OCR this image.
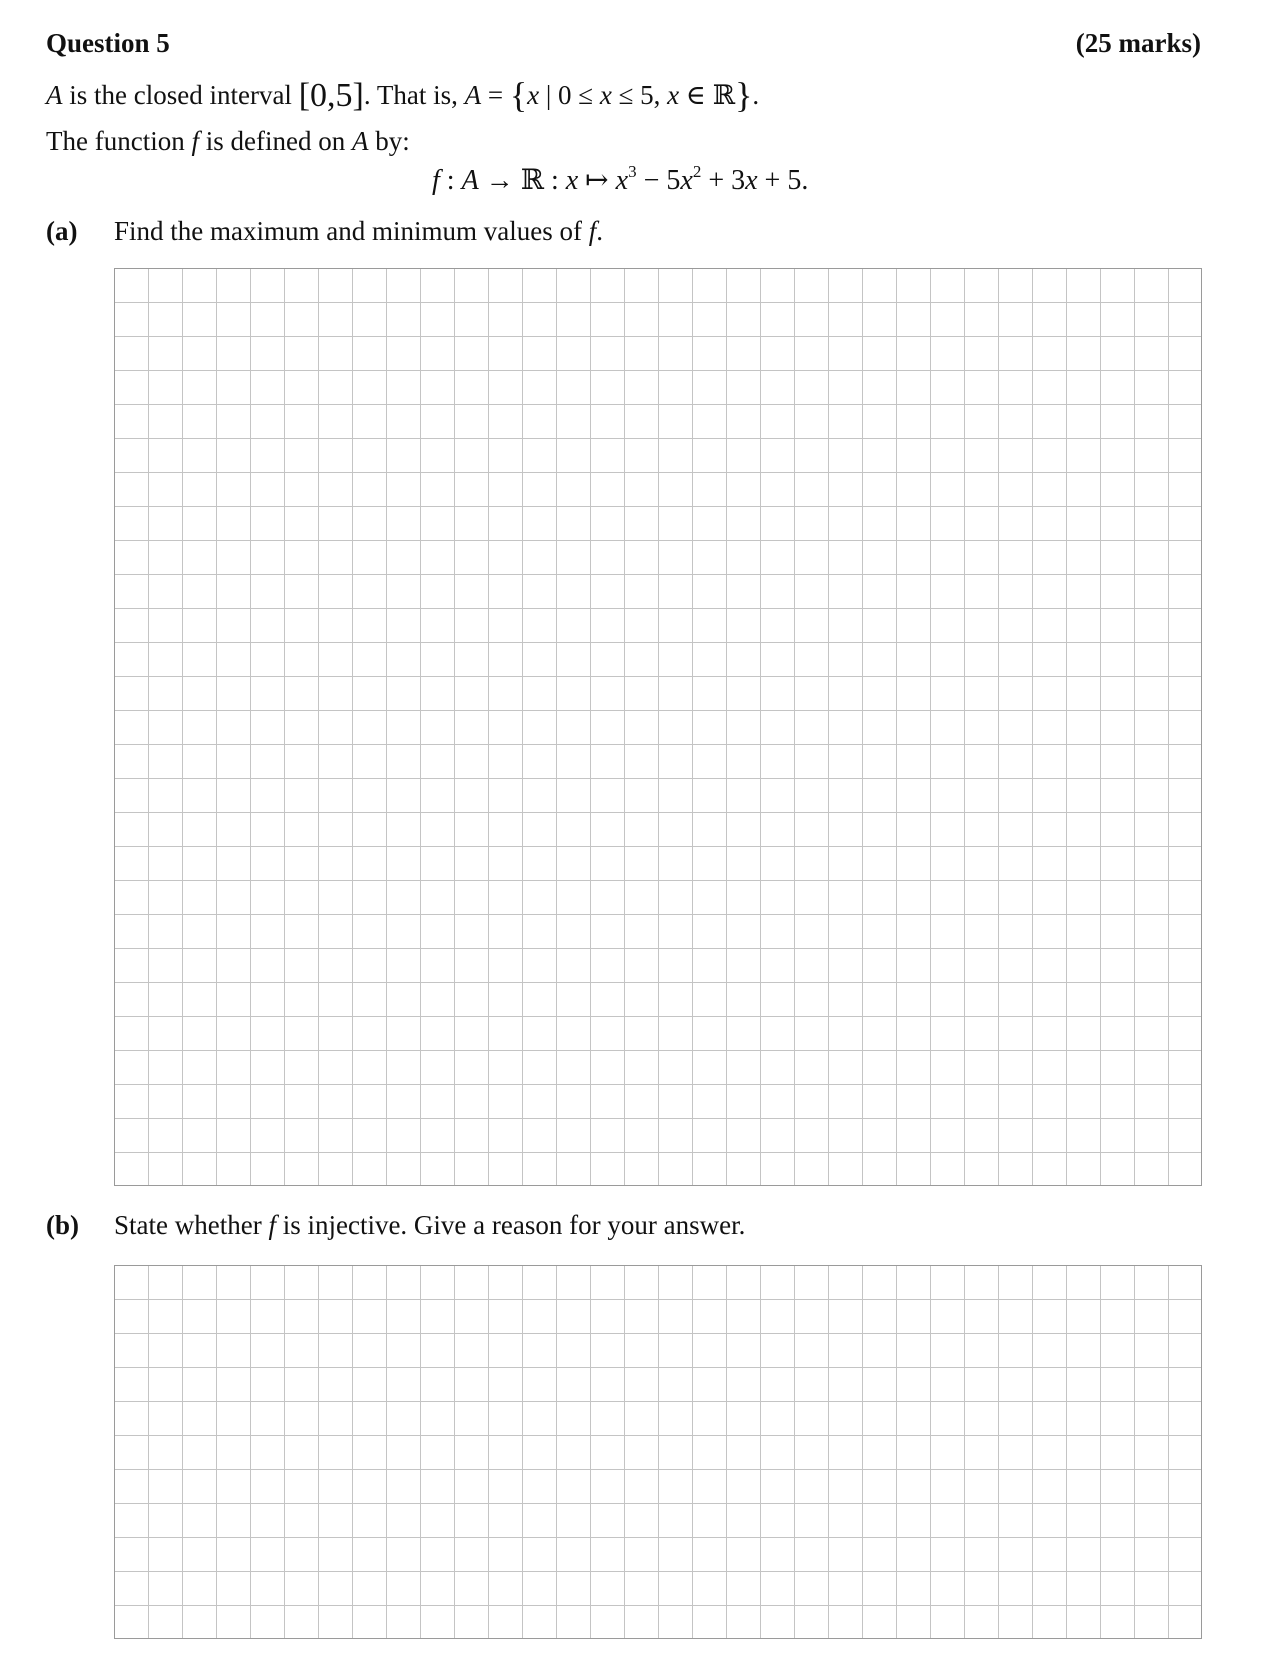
Question 5	(25 marks)
A is the closed interval [0,5]. That is, A = {x | 0 ≤ x ≤ 5, x ∈ ℝ}.
The function f is defined on A by:
f : A → ℝ : x ↦ $x^3 - 5x^2 + 3x + 5$.
(a) Find the maximum and minimum values of f.
(b) State whether f is injective. Give a reason for your answer.
